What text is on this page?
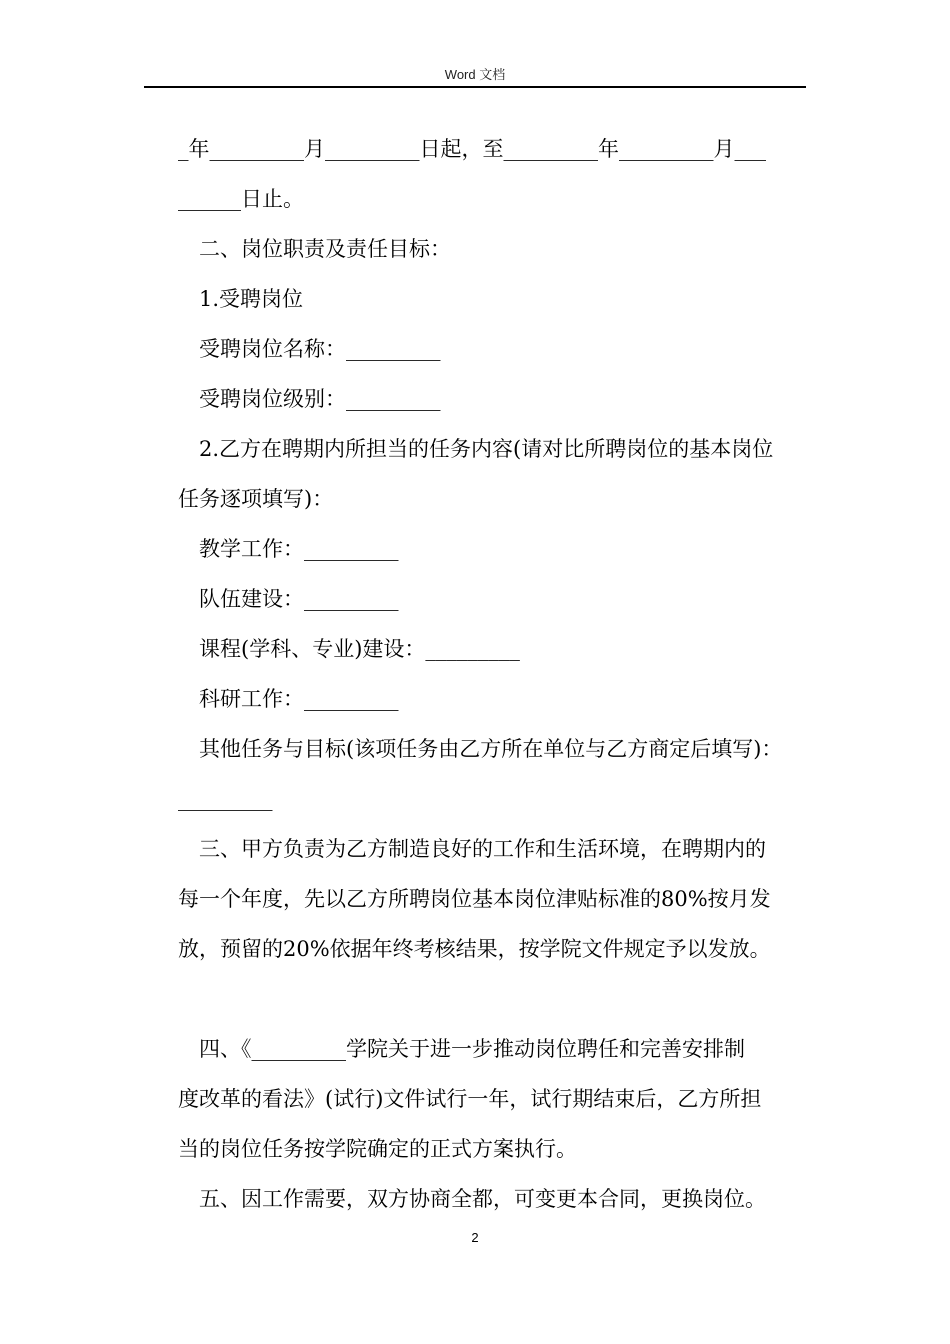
Word 文档
_年_________月_________日起，至_________年_________月___
______日止。
二、岗位职责及责任目标：
1.受聘岗位
受聘岗位名称：_________
受聘岗位级别：_________
2.乙方在聘期内所担当的任务内容(请对比所聘岗位的基本岗位
任务逐项填写)：
教学工作：_________
队伍建设：_________
课程(学科、专业)建设：_________
科研工作：_________
其他任务与目标(该项任务由乙方所在单位与乙方商定后填写)：
_________
三、甲方负责为乙方制造良好的工作和生活环境，在聘期内的
每一个年度，先以乙方所聘岗位基本岗位津贴标准的80%按月发
放，预留的20%依据年终考核结果，按学院文件规定予以发放。
四、《_________学院关于进一步推动岗位聘任和完善安排制
度改革的看法》(试行)文件试行一年，试行期结束后，乙方所担
当的岗位任务按学院确定的正式方案执行。
五、因工作需要，双方协商全都，可变更本合同，更换岗位。
2
